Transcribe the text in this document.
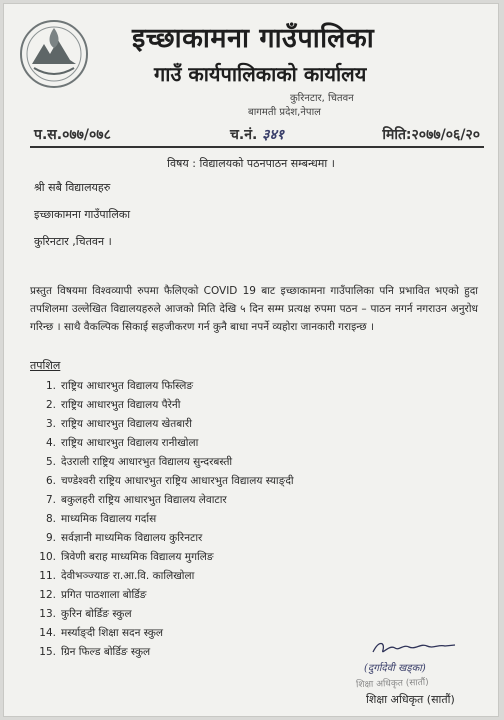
इच्छाकामना गाउँपालिका
गाउँ कार्यपालिकाको कार्यालय
कुरिनटार, चितवन
बागमती प्रदेश,नेपाल
प.स.०७७/०७८	च.नं. ३४१	मिति:२०७७/०६/२०
विषय : विद्यालयको पठनपाठन सम्बन्धमा ।
श्री सबै विद्यालयहरु
इच्छाकामना गाउँपालिका
कुरिनटार ,चितवन ।
प्रस्तुत विषयमा विश्वव्यापी रुपमा फैलिएको COVID 19 बाट इच्छाकामना गाउँपालिका पनि प्रभावित भएको हुदा तपशिलमा उल्लेखित विद्यालयहरुले आजको मिति देखि ५ दिन सम्म प्रत्यक्ष रुपमा पठन – पाठन नगर्न नगराउन अनुरोध गरिन्छ । साथै वैकल्पिक सिकाई सहजीकरण गर्न कुनै बाधा नपर्ने व्यहोरा जानकारी गराइन्छ ।
तपशिल
1. राष्ट्रिय आधारभुत विद्यालय फिस्लिङ
2. राष्ट्रिय आधारभुत विद्यालय पैरेनी
3. राष्ट्रिय आधारभुत विद्यालय खेतबारी
4. राष्ट्रिय आधारभुत विद्यालय रानीखोला
5. देउराली राष्ट्रिय आधारभुत विद्यालय सुन्दरबस्ती
6. चण्डेश्वरी राष्ट्रिय आधारभुत राष्ट्रिय आधारभुत विद्यालय स्याङ्दी
7. बकुलहरी राष्ट्रिय आधारभुत विद्यालय लेवाटार
8. माध्यमिक विद्यालय गर्दास
9. सर्वज्ञानी माध्यमिक विद्यालय कुरिनटार
10. त्रिवेणी बराह माध्यमिक विद्यालय मुगलिङ
11. देवीभञ्ज्याङ रा.आ.वि. कालिखोला
12. प्रगित पाठशाला बोर्डिङ
13. कुरिन बोर्डिङ स्कुल
14. मर्स्याङ्दी शिक्षा सदन स्कुल
15. ग्रिन फिल्ड बोर्डिङ स्कुल
(दुर्गादेवी खड्का)
शिक्षा अधिकृत (सातौं)
शिक्षा अधिकृत (सातौं)
